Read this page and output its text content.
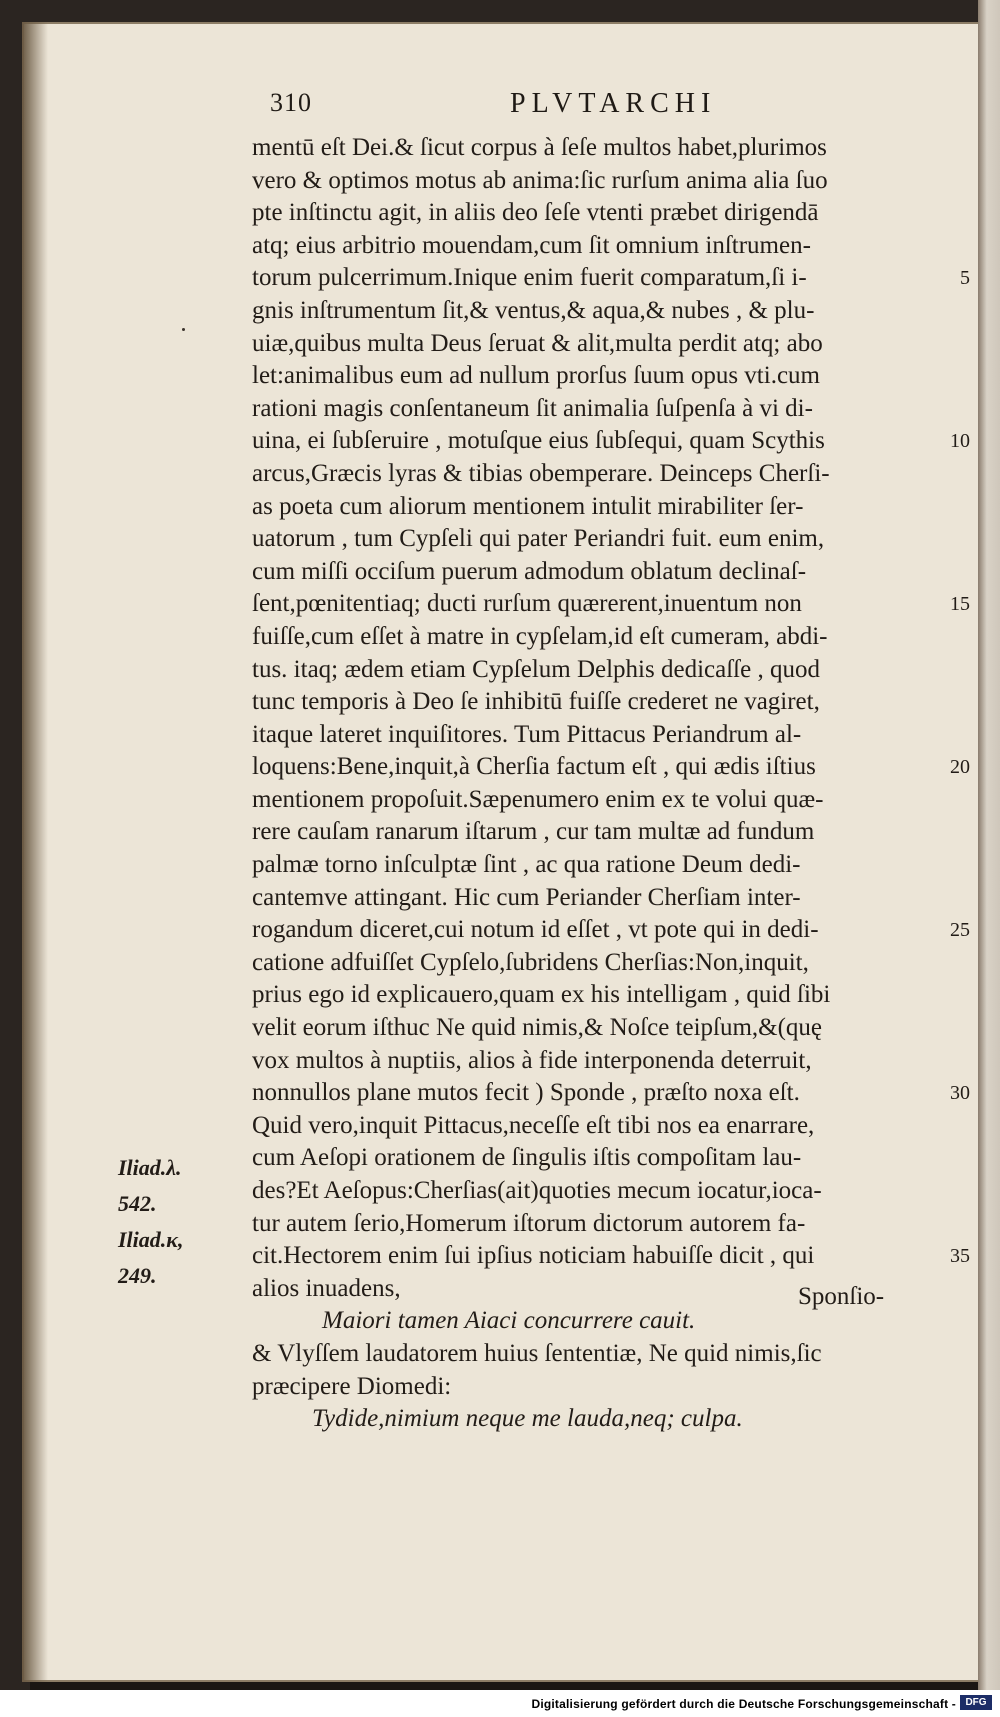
310	PLVTARCHI
mentū eſt Dei.& ſicut corpus à ſeſe multos habet,plurimos
vero & optimos motus ab anima:ſic rurſum anima alia ſuo
pte inſtinctu agit, in aliis deo ſeſe vtenti præbet dirigendā
atq; eius arbitrio mouendam,cum ſit omnium inſtrumen-
torum pulcerrimum.Inique enim fuerit comparatum,ſi i-	5
gnis inſtrumentum ſit,& ventus,& aqua,& nubes , & plu-
uiæ,quibus multa Deus ſeruat & alit,multa perdit atq; abo
let:animalibus eum ad nullum prorſus ſuum opus vti.cum
rationi magis conſentaneum ſit animalia ſuſpenſa à vi di-
uina, ei ſubſeruire , motuſque eius ſubſequi, quam Scythis	10
arcus,Græcis lyras & tibias obemperare. Deinceps Cherſi-
as poeta cum aliorum mentionem intulit mirabiliter ſer-
uatorum , tum Cypſeli qui pater Periandri fuit. eum enim,
cum miſſi occiſum puerum admodum oblatum declinaſ-
ſent,pœnitentiaq; ducti rurſum quærerent,inuentum non	15
fuiſſe,cum eſſet à matre in cypſelam,id eſt cumeram, abdi-
tus. itaq; ædem etiam Cypſelum Delphis dedicaſſe , quod
tunc temporis à Deo ſe inhibitū fuiſſe crederet ne vagiret,
itaque lateret inquiſitores. Tum Pittacus Periandrum al-
loquens:Bene,inquit,à Cherſia factum eſt , qui ædis iſtius	20
mentionem propoſuit.Sæpenumero enim ex te volui quæ-
rere cauſam ranarum iſtarum , cur tam multæ ad fundum
palmæ torno inſculptæ ſint , ac qua ratione Deum dedi-
cantemve attingant. Hic cum Periander Cherſiam inter-
rogandum diceret,cui notum id eſſet , vt pote qui in dedi-	25
catione adfuiſſet Cypſelo,ſubridens Cherſias:Non,inquit,
prius ego id explicauero,quam ex his intelligam , quid ſibi
velit eorum iſthuc Ne quid nimis,& Noſce teipſum,&(quę
vox multos à nuptiis, alios à fide interponenda deterruit,
nonnullos plane mutos fecit ) Sponde , præſto noxa eſt.	30
Quid vero,inquit Pittacus,neceſſe eſt tibi nos ea enarrare,
cum Aeſopi orationem de ſingulis iſtis compoſitam lau-
des?Et Aeſopus:Cherſias(ait)quoties mecum iocatur,ioca-
tur autem ſerio,Homerum iſtorum dictorum autorem fa-
cit.Hectorem enim ſui ipſius noticiam habuiſſe dicit , qui	35
alios inuadens,
Maiori tamen Aiaci concurrere cauit.
& Vlyſſem laudatorem huius ſententiæ, Ne quid nimis,ſic
præcipere Diomedi:
Tydide,nimium neque me lauda,neq; culpa.
Iliad.λ.
542.
Iliad.κ,
249.
Sponſio-
Digitalisierung gefördert durch die Deutsche Forschungsgemeinschaft - DFG
